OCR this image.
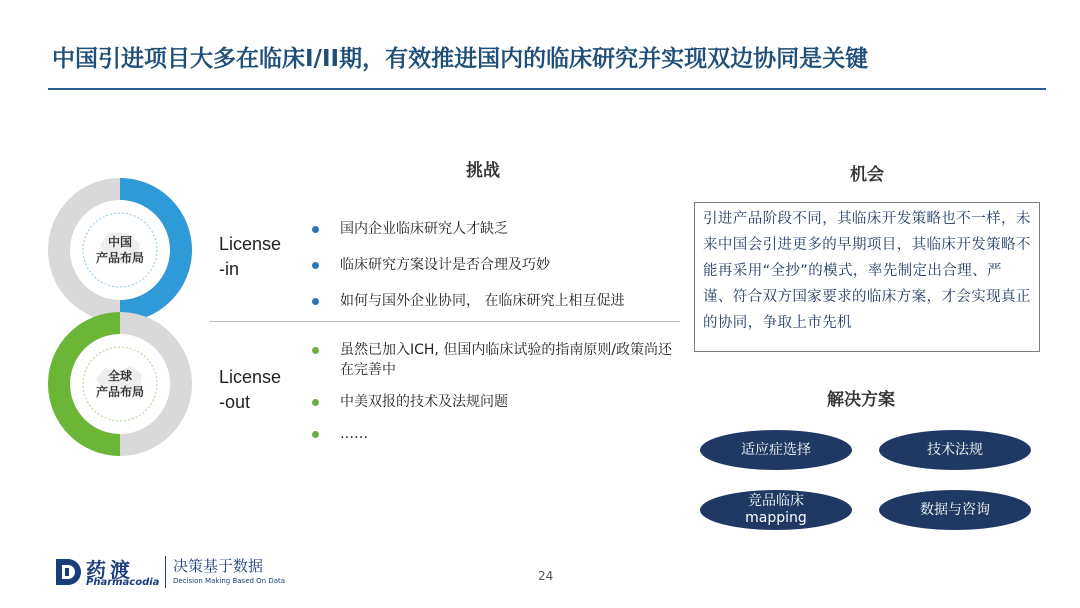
中国引进项目大多在临床I/II期，有效推进国内的临床研究并实现双边协同是关键
中国
产品布局
全球
产品布局
License
-in
License
-out
挑战
国内企业临床研究人才缺乏
临床研究方案设计是否合理及巧妙
如何与国外企业协同， 在临床研究上相互促进
虽然已加入ICH, 但国内临床试验的指南原则/政策尚还在完善中
中美双报的技术及法规问题
……
机会
引进产品阶段不同，其临床开发策略也不一样，未来中国会引进更多的早期项目，其临床开发策略不能再采用“全抄”的模式，率先制定出合理、严谨、符合双方国家要求的临床方案，才会实现真正的协同，争取上市先机
解决方案
适应症选择	技术法规
竞品临床
mapping
数据与咨询
药渡
Pharmacodia
决策基于数据
Decision Making Based On Data	24
